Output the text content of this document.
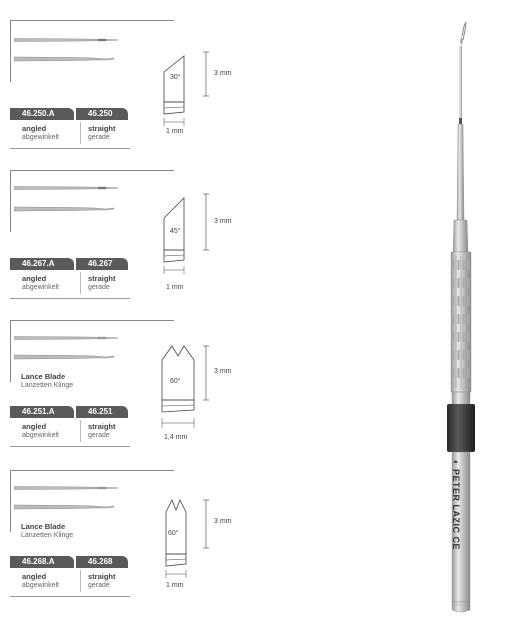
46.250.A	46.250
angled
abgewinkelt
straight
gerade
30°
3 mm
1 mm
46.267.A	46.267
angled
abgewinkelt
straight
gerade
45°
3 mm
1 mm
Lance Blade
Lanzetten Klinge
46.251.A	46.251
angled
abgewinkelt
straight
gerade
60°
3 mm
1,4 mm
Lance Blade
Lanzetten Klinge
46.268.A	46.268
angled
abgewinkelt
straight
gerade
60°
3 mm
1 mm
◐ PETER LAZIC CE
